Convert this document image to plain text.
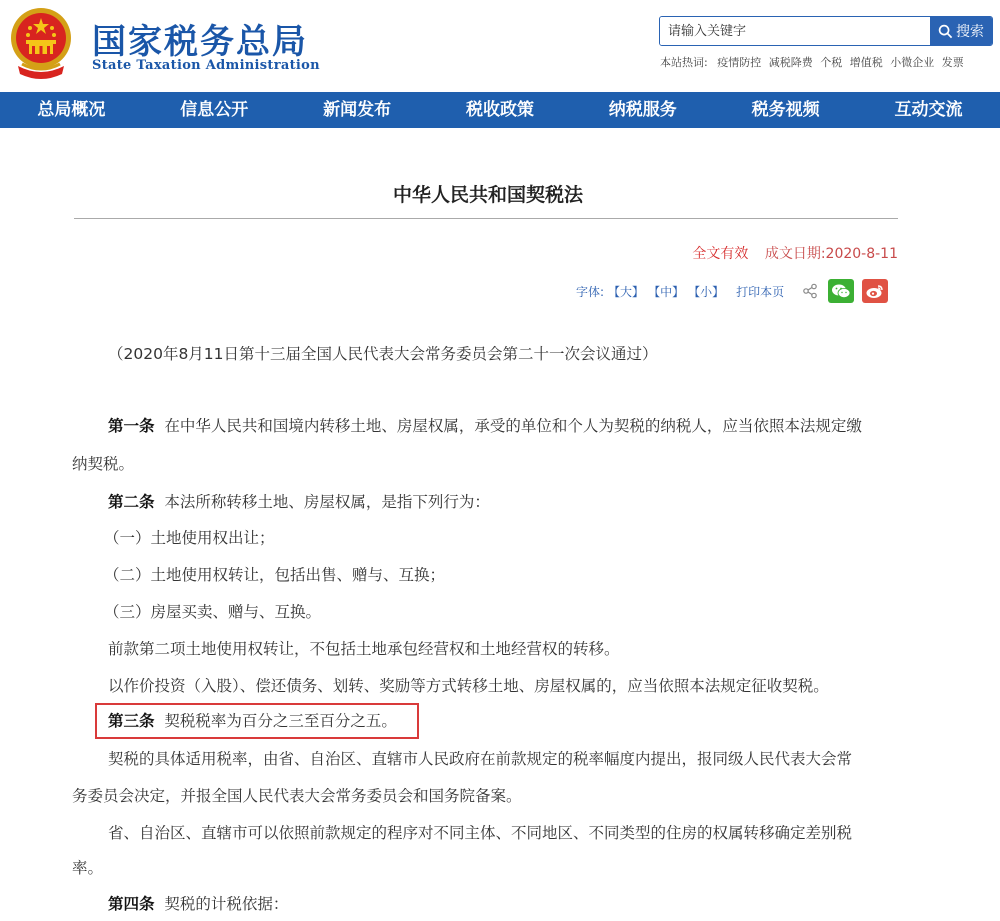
国家税务总局
State Taxation Administration
请输入关键字
搜索
本站热词: 疫情防控 减税降费 个税 增值税 小微企业 发票
总局概况	信息公开	新闻发布	税收政策	纳税服务	税务视频	互动交流
中华人民共和国契税法
全文有效 成文日期:2020-8-11
字体: 【大】 【中】 【小】 打印本页
（2020年8月11日第十三届全国人民代表大会常务委员会第二十一次会议通过）
第一条 在中华人民共和国境内转移土地、房屋权属，承受的单位和个人为契税的纳税人，应当依照本法规定缴
纳契税。
第二条 本法所称转移土地、房屋权属，是指下列行为：
（一）土地使用权出让；
（二）土地使用权转让，包括出售、赠与、互换；
（三）房屋买卖、赠与、互换。
前款第二项土地使用权转让，不包括土地承包经营权和土地经营权的转移。
以作价投资（入股）、偿还债务、划转、奖励等方式转移土地、房屋权属的，应当依照本法规定征收契税。
第三条 契税税率为百分之三至百分之五。
契税的具体适用税率，由省、自治区、直辖市人民政府在前款规定的税率幅度内提出，报同级人民代表大会常
务委员会决定，并报全国人民代表大会常务委员会和国务院备案。
省、自治区、直辖市可以依照前款规定的程序对不同主体、不同地区、不同类型的住房的权属转移确定差别税
率。
第四条 契税的计税依据：
